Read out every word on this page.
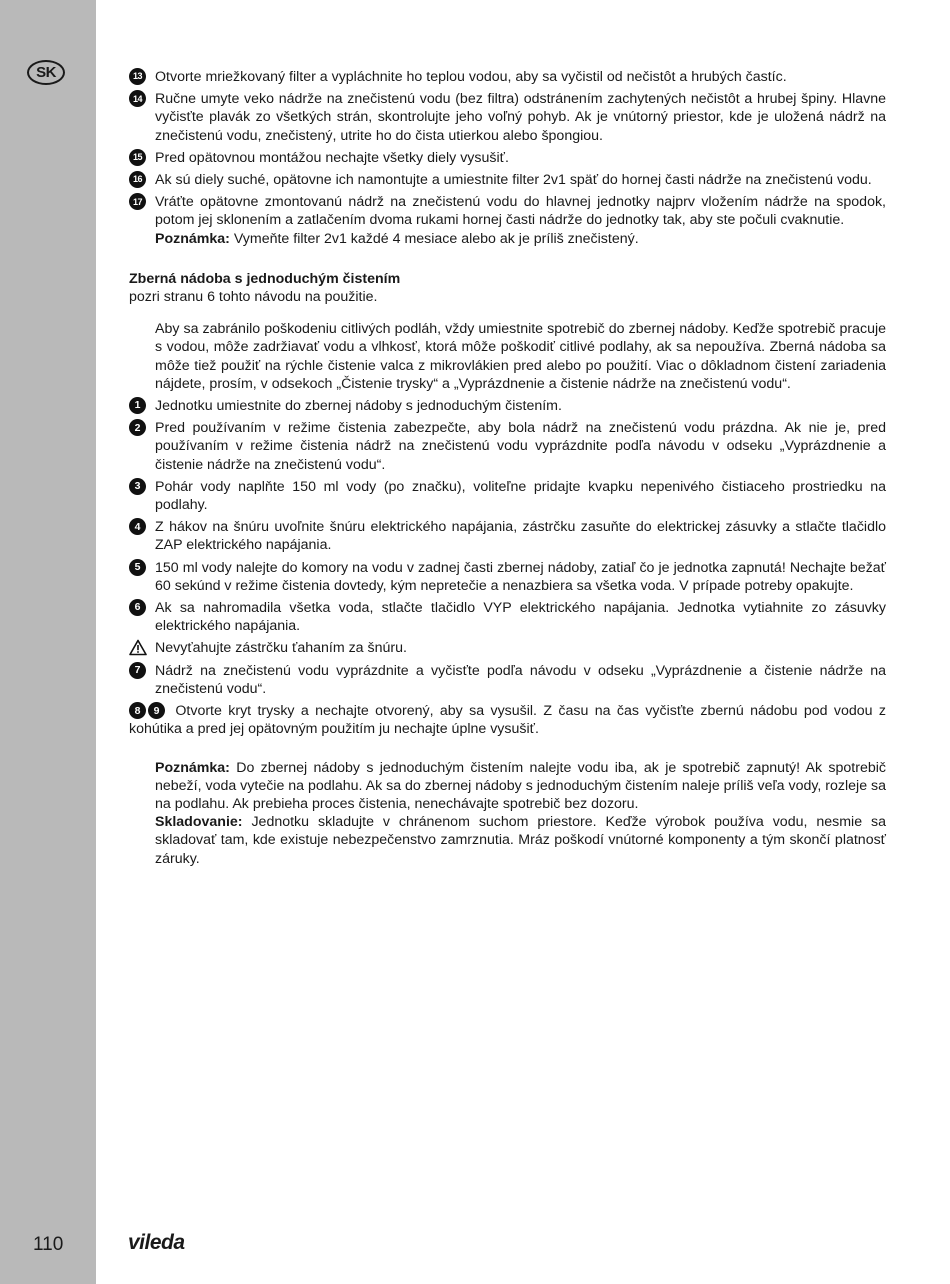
SK
110
13 Otvorte mriežkovaný filter a vypláchnite ho teplou vodou, aby sa vyčistil od nečistôt a hrubých častíc.
14 Ručne umyte veko nádrže na znečistenú vodu (bez filtra) odstránením zachytených nečistôt a hrubej špiny. Hlavne vyčisťte plavák zo všetkých strán, skontrolujte jeho voľný pohyb. Ak je vnútorný priestor, kde je uložená nádrž na znečistenú vodu, znečistený, utrite ho do čista utierkou alebo špongiou.
15 Pred opätovnou montážou nechajte všetky diely vysušiť.
16 Ak sú diely suché, opätovne ich namontujte a umiestnite filter 2v1 späť do hornej časti nádrže na znečistenú vodu.
17 Vráťte opätovne zmontovanú nádrž na znečistenú vodu do hlavnej jednotky najprv vložením nádrže na spodok, potom jej sklonením a zatlačením dvoma rukami hornej časti nádrže do jednotky tak, aby ste počuli cvaknutie.
Poznámka: Vymeňte filter 2v1 každé 4 mesiace alebo ak je príliš znečistený.
Zberná nádoba s jednoduchým čistením
pozri stranu 6 tohto návodu na použitie.
Aby sa zabránilo poškodeniu citlivých podláh, vždy umiestnite spotrebič do zbernej nádoby. Keďže spotrebič pracuje s vodou, môže zadržiavať vodu a vlhkosť, ktorá môže poškodiť citlivé podlahy, ak sa nepoužíva. Zberná nádoba sa môže tiež použiť na rýchle čistenie valca z mikrovlákien pred alebo po použití. Viac o dôkladnom čistení zariadenia nájdete, prosím, v odsekoch „Čistenie trysky“ a „Vyprázdnenie a čistenie nádrže na znečistenú vodu“.
1	Jednotku umiestnite do zbernej nádoby s jednoduchým čistením.
2	Pred používaním v režime čistenia zabezpečte, aby bola nádrž na znečistenú vodu prázdna. Ak nie je, pred používaním v režime čistenia nádrž na znečistenú vodu vyprázdnite podľa návodu v odseku „Vyprázdnenie a čistenie nádrže na znečistenú vodu“.
3	Pohár vody naplňte 150 ml vody (po značku), voliteľne pridajte kvapku nepenivého čistiaceho prostriedku na podlahy.
4	Z hákov na šnúru uvoľnite šnúru elektrického napájania, zástrčku zasuňte do elektrickej zásuvky a stlačte tlačidlo ZAP elektrického napájania.
5	150 ml vody nalejte do komory na vodu v zadnej časti zbernej nádoby, zatiaľ čo je jednotka zapnutá! Nechajte bežať 60 sekúnd v režime čistenia dovtedy, kým nepretečie a nenazbiera sa všetka voda. V prípade potreby opakujte.
6	Ak sa nahromadila všetka voda, stlačte tlačidlo VYP elektrického napájania. Jednotka vytiahnite zo zásuvky elektrického napájania.
Nevyťahujte zástrčku ťahaním za šnúru.
7	Nádrž na znečistenú vodu vyprázdnite a vyčisťte podľa návodu v odseku „Vyprázdnenie a čistenie nádrže na znečistenú vodu“.
Otvorte kryt trysky a nechajte otvorený, aby sa vysušil. Z času na čas vyčisťte zbernú nádobu pod vodou z kohútika a pred jej opätovným použitím ju nechajte úplne vysušiť.
8	9
Poznámka: Do zbernej nádoby s jednoduchým čistením nalejte vodu iba, ak je spotrebič zapnutý! Ak spotrebič nebeží, voda vytečie na podlahu. Ak sa do zbernej nádoby s jednoduchým čistením naleje príliš veľa vody, rozleje sa na podlahu. Ak prebieha proces čistenia, nenechávajte spotrebič bez dozoru.
Skladovanie: Jednotku skladujte v chránenom suchom priestore. Keďže výrobok používa vodu, nesmie sa skladovať tam, kde existuje nebezpečenstvo zamrznutia. Mráz poškodí vnútorné komponenty a tým skončí platnosť záruky.
vileda
